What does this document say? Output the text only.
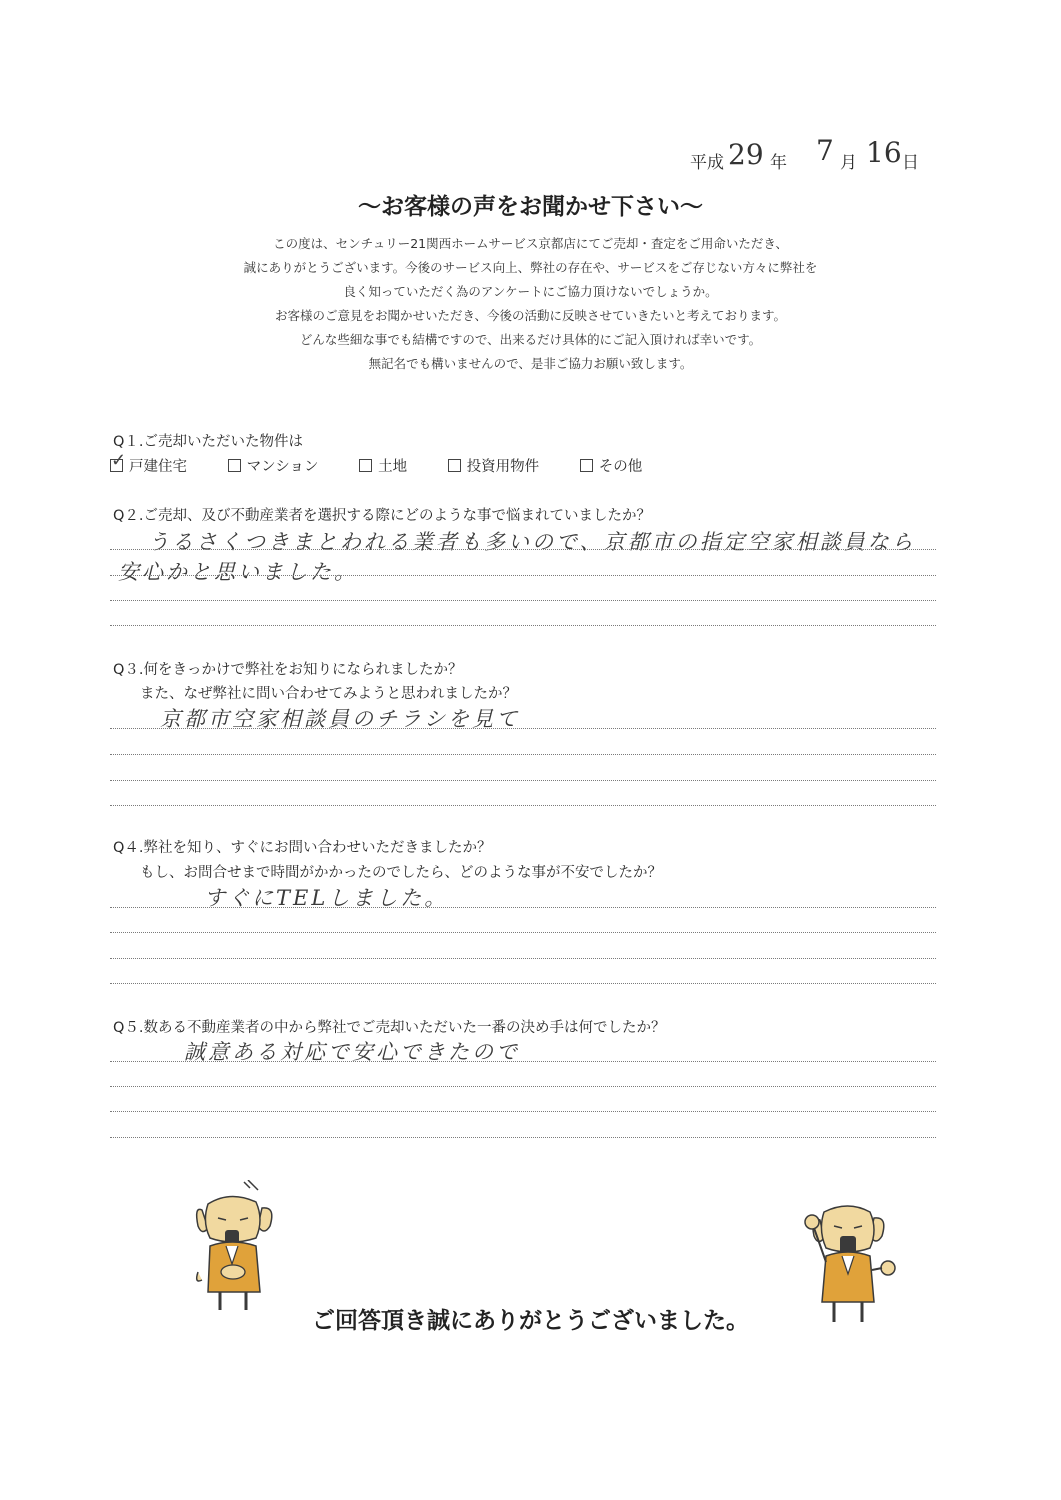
平成 29 年 7 月 16 日
～お客様の声をお聞かせ下さい～
この度は、センチュリー21関西ホームサービス京都店にてご売却・査定をご用命いただき、
誠にありがとうございます。今後のサービス向上、弊社の存在や、サービスをご存じない方々に弊社を
良く知っていただく為のアンケートにご協力頂けないでしょうか。
お客様のご意見をお聞かせいただき、今後の活動に反映させていきたいと考えております。
どんな些細な事でも結構ですので、出来るだけ具体的にご記入頂ければ幸いです。
無記名でも構いませんので、是非ご協力お願い致します。
Q１.ご売却いただいた物件は
✓ 戸建住宅	マンション	土地	投資用物件	その他
Q２.ご売却、及び不動産業者を選択する際にどのような事で悩まれていましたか？
うるさくつきまとわれる業者も多いので、京都市の指定空家相談員なら
安心かと思いました。
Q３.何をきっかけで弊社をお知りになられましたか？
また、なぜ弊社に問い合わせてみようと思われましたか？
京都市空家相談員のチラシを見て
Q４.弊社を知り、すぐにお問い合わせいただきましたか？
もし、お問合せまで時間がかかったのでしたら、どのような事が不安でしたか？
すぐにTELしました。
Q５.数ある不動産業者の中から弊社でご売却いただいた一番の決め手は何でしたか？
誠意ある対応で安心できたので
ご回答頂き誠にありがとうございました。
